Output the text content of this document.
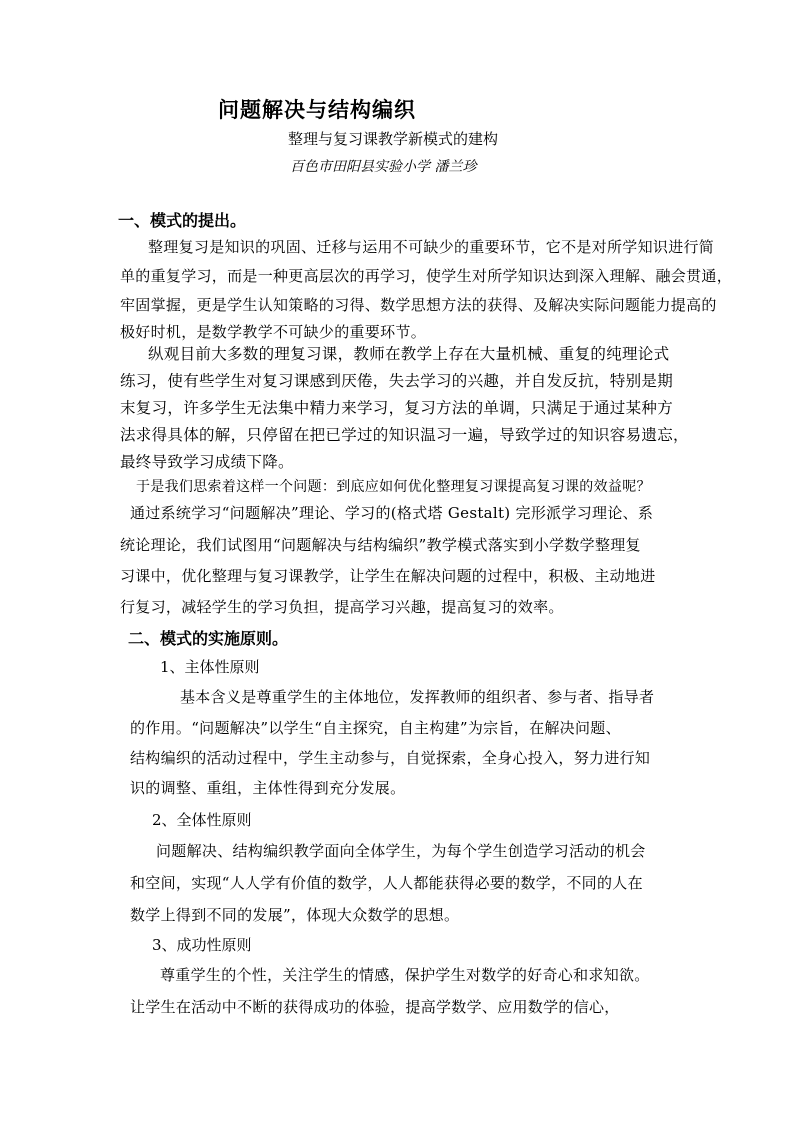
问题解决与结构编织
整理与复习课教学新模式的建构
百色市田阳县实验小学 潘兰珍
一、模式的提出。
整理复习是知识的巩固、迁移与运用不可缺少的重要环节，它不是对所学知识进行简
单的重复学习，而是一种更高层次的再学习，使学生对所学知识达到深入理解、融会贯通，
牢固掌握，更是学生认知策略的习得、数学思想方法的获得、及解决实际问题能力提高的
极好时机，是数学教学不可缺少的重要环节。
纵观目前大多数的理复习课，教师在教学上存在大量机械、重复的纯理论式
练习，使有些学生对复习课感到厌倦，失去学习的兴趣，并自发反抗，特别是期
末复习，许多学生无法集中精力来学习，复习方法的单调，只满足于通过某种方
法求得具体的解，只停留在把已学过的知识温习一遍，导致学过的知识容易遗忘，
最终导致学习成绩下降。
于是我们思索着这样一个问题：到底应如何优化整理复习课提高复习课的效益呢？
通过系统学习“问题解决”理论、学习的(格式塔 Gestalt) 完形派学习理论、系
统论理论，我们试图用“问题解决与结构编织”教学模式落实到小学数学整理复
习课中，优化整理与复习课教学，让学生在解决问题的过程中，积极、主动地进
行复习，减轻学生的学习负担，提高学习兴趣，提高复习的效率。
二、模式的实施原则。
1、主体性原则
基本含义是尊重学生的主体地位，发挥教师的组织者、参与者、指导者
的作用。“问题解决”以学生“自主探究，自主构建”为宗旨，在解决问题、
结构编织的活动过程中，学生主动参与，自觉探索，全身心投入，努力进行知
识的调整、重组，主体性得到充分发展。
2、全体性原则
问题解决、结构编织教学面向全体学生，为每个学生创造学习活动的机会
和空间，实现“人人学有价值的数学，人人都能获得必要的数学，不同的人在
数学上得到不同的发展”，体现大众数学的思想。
3、成功性原则
尊重学生的个性，关注学生的情感，保护学生对数学的好奇心和求知欲。
让学生在活动中不断的获得成功的体验，提高学数学、应用数学的信心，
